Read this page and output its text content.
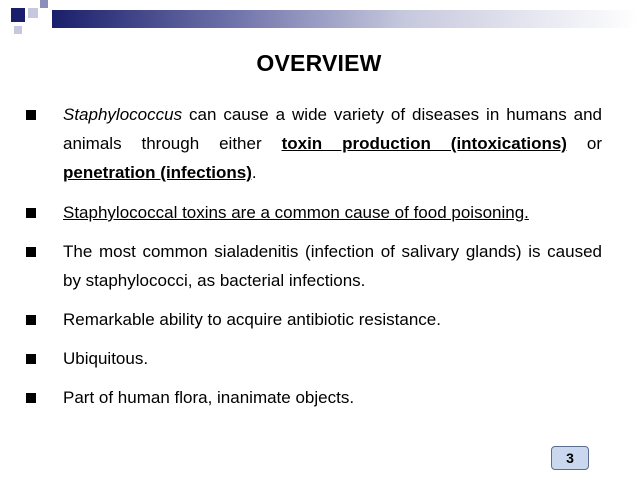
OVERVIEW
Staphylococcus can cause a wide variety of diseases in humans and animals through either toxin production (intoxications) or penetration (infections).
Staphylococcal toxins are a common cause of food poisoning.
The most common sialadenitis (infection of salivary glands) is caused by staphylococci, as bacterial infections.
Remarkable ability to acquire antibiotic resistance.
Ubiquitous.
Part of human flora, inanimate objects.
3
